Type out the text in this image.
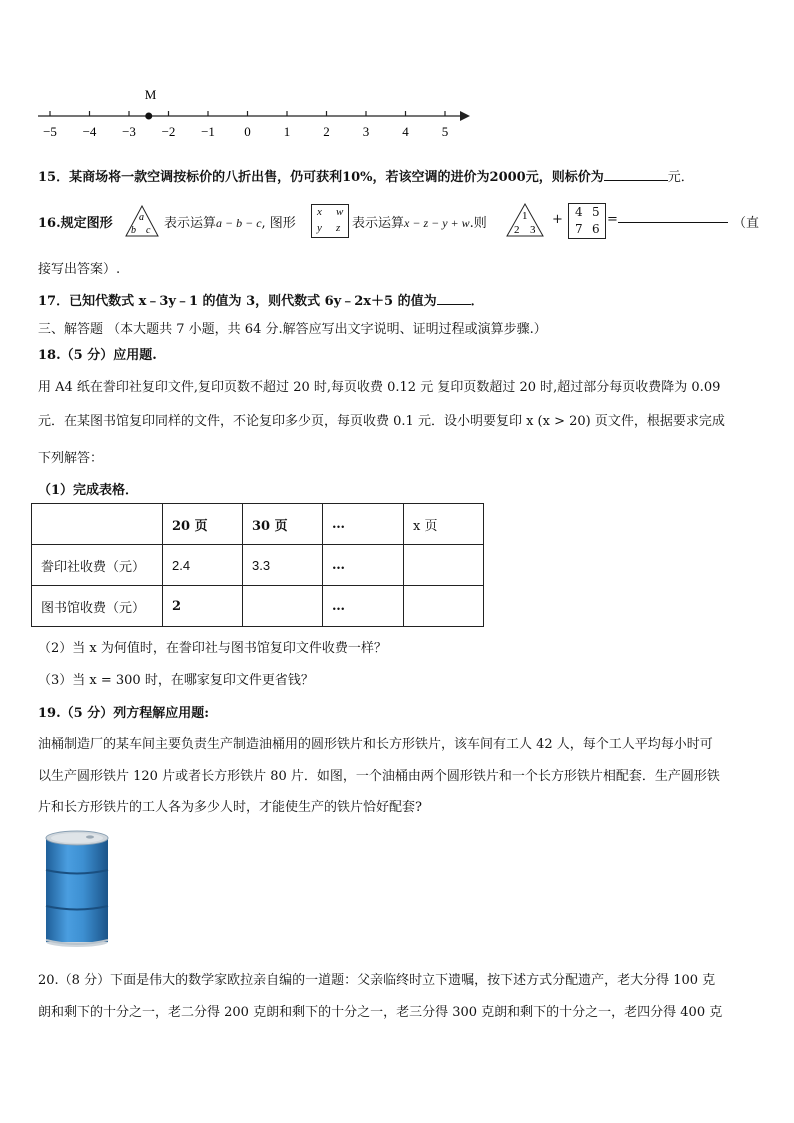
−5 −4 −3 −2 −1 0	1	2	3	4	5
M
15．某商场将一款空调按标价的八折出售，仍可获利10%，若该空调的进价为2000元，则标价为	元．
16.规定图形	a
b c 表示运算a − b − c, 图形
x w
y z 表示运算x − z − y + w.则	1
2 3
+ 4 5
7 6
=	（直
接写出答案）.
17．已知代数式 x﹣3y﹣1 的值为 3，则代数式 6y﹣2x＋5 的值为	．
三、解答题 （本大题共 7 小题，共 64 分.解答应写出文字说明、证明过程或演算步骤.）
18.（5 分）应用题.
用 A4 纸在誊印社复印文件,复印页数不超过 20 时,每页收费 0.12 元 复印页数超过 20 时,超过部分每页收费降为 0.09
元．在某图书馆复印同样的文件，不论复印多少页，每页收费 0.1 元．设小明要复印 x (x > 20) 页文件，根据要求完成
下列解答：
（1）完成表格．
	20 页	30 页	…	x 页
誊印社收费（元）	2.4	3.3	…	
图书馆收费（元）	2		…	
（2）当 x 为何值时，在誊印社与图书馆复印文件收费一样？
（3）当 x = 300 时，在哪家复印文件更省钱？
19.（5 分）列方程解应用题:
油桶制造厂的某车间主要负责生产制造油桶用的圆形铁片和长方形铁片，该车间有工人 42 人，每个工人平均每小时可
以生产圆形铁片 120 片或者长方形铁片 80 片．如图，一个油桶由两个圆形铁片和一个长方形铁片相配套．生产圆形铁
片和长方形铁片的工人各为多少人时，才能使生产的铁片恰好配套?
20.（8 分）下面是伟大的数学家欧拉亲自编的一道题：父亲临终时立下遗嘱，按下述方式分配遗产，老大分得 100 克
朗和剩下的十分之一，老二分得 200 克朗和剩下的十分之一，老三分得 300 克朗和剩下的十分之一，老四分得 400 克
